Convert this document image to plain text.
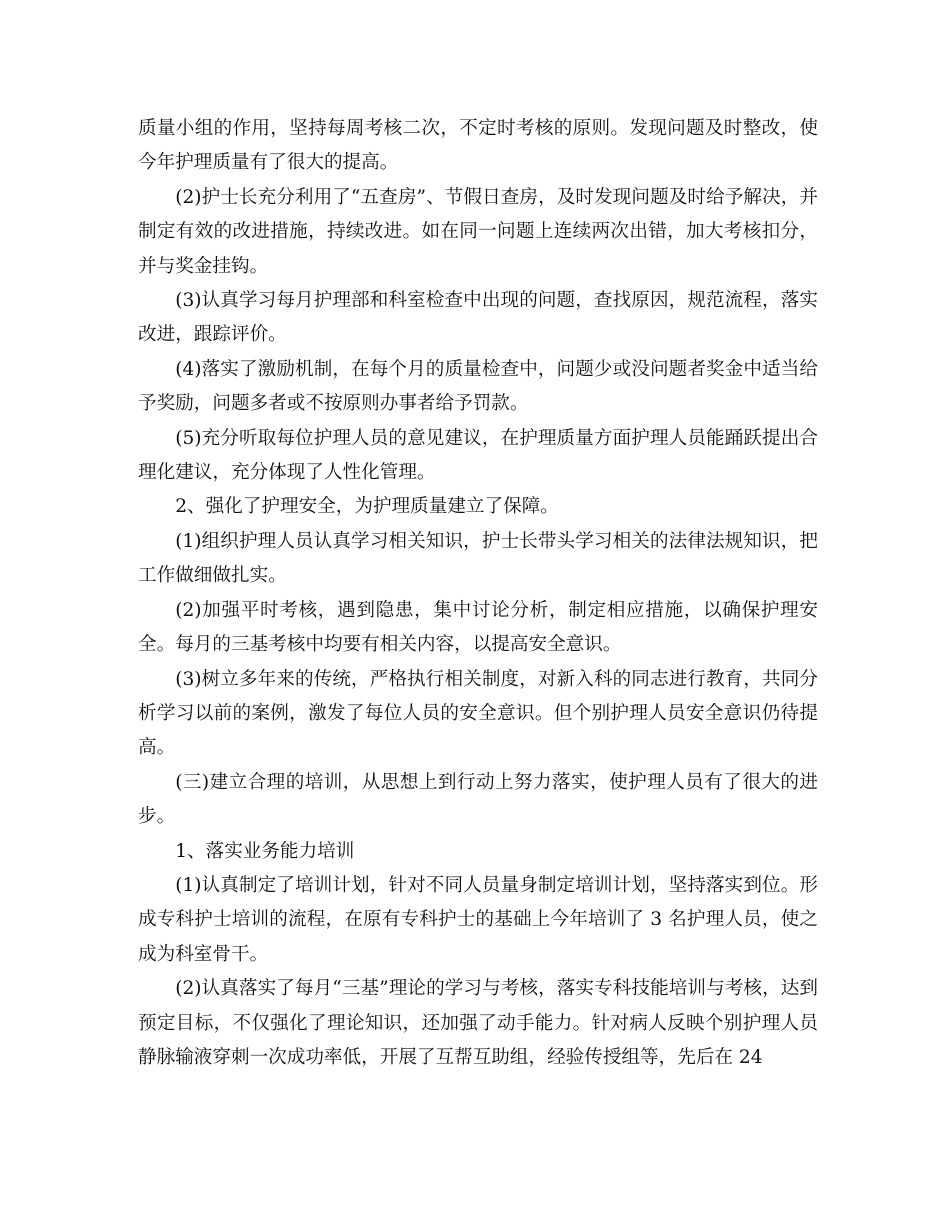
质量小组的作用，坚持每周考核二次，不定时考核的原则。发现问题及时整改，使今年护理质量有了很大的提高。

(2)护士长充分利用了“五查房”、节假日查房，及时发现问题及时给予解决，并制定有效的改进措施，持续改进。如在同一问题上连续两次出错，加大考核扣分，并与奖金挂钩。

(3)认真学习每月护理部和科室检查中出现的问题，查找原因，规范流程，落实改进，跟踪评价。

(4)落实了激励机制，在每个月的质量检查中，问题少或没问题者奖金中适当给予奖励，问题多者或不按原则办事者给予罚款。

(5)充分听取每位护理人员的意见建议，在护理质量方面护理人员能踊跃提出合理化建议，充分体现了人性化管理。

2、强化了护理安全，为护理质量建立了保障。

(1)组织护理人员认真学习相关知识，护士长带头学习相关的法律法规知识，把工作做细做扎实。

(2)加强平时考核，遇到隐患，集中讨论分析，制定相应措施，以确保护理安全。每月的三基考核中均要有相关内容，以提高安全意识。

(3)树立多年来的传统，严格执行相关制度，对新入科的同志进行教育，共同分析学习以前的案例，激发了每位人员的安全意识。但个别护理人员安全意识仍待提高。

(三)建立合理的培训，从思想上到行动上努力落实，使护理人员有了很大的进步。

1、落实业务能力培训

(1)认真制定了培训计划，针对不同人员量身制定培训计划，坚持落实到位。形成专科护士培训的流程，在原有专科护士的基础上今年培训了 3 名护理人员，使之成为科室骨干。

(2)认真落实了每月“三基”理论的学习与考核，落实专科技能培训与考核，达到预定目标，不仅强化了理论知识，还加强了动手能力。针对病人反映个别护理人员静脉输液穿刺一次成功率低，开展了互帮互助组，经验传授组等，先后在 24
